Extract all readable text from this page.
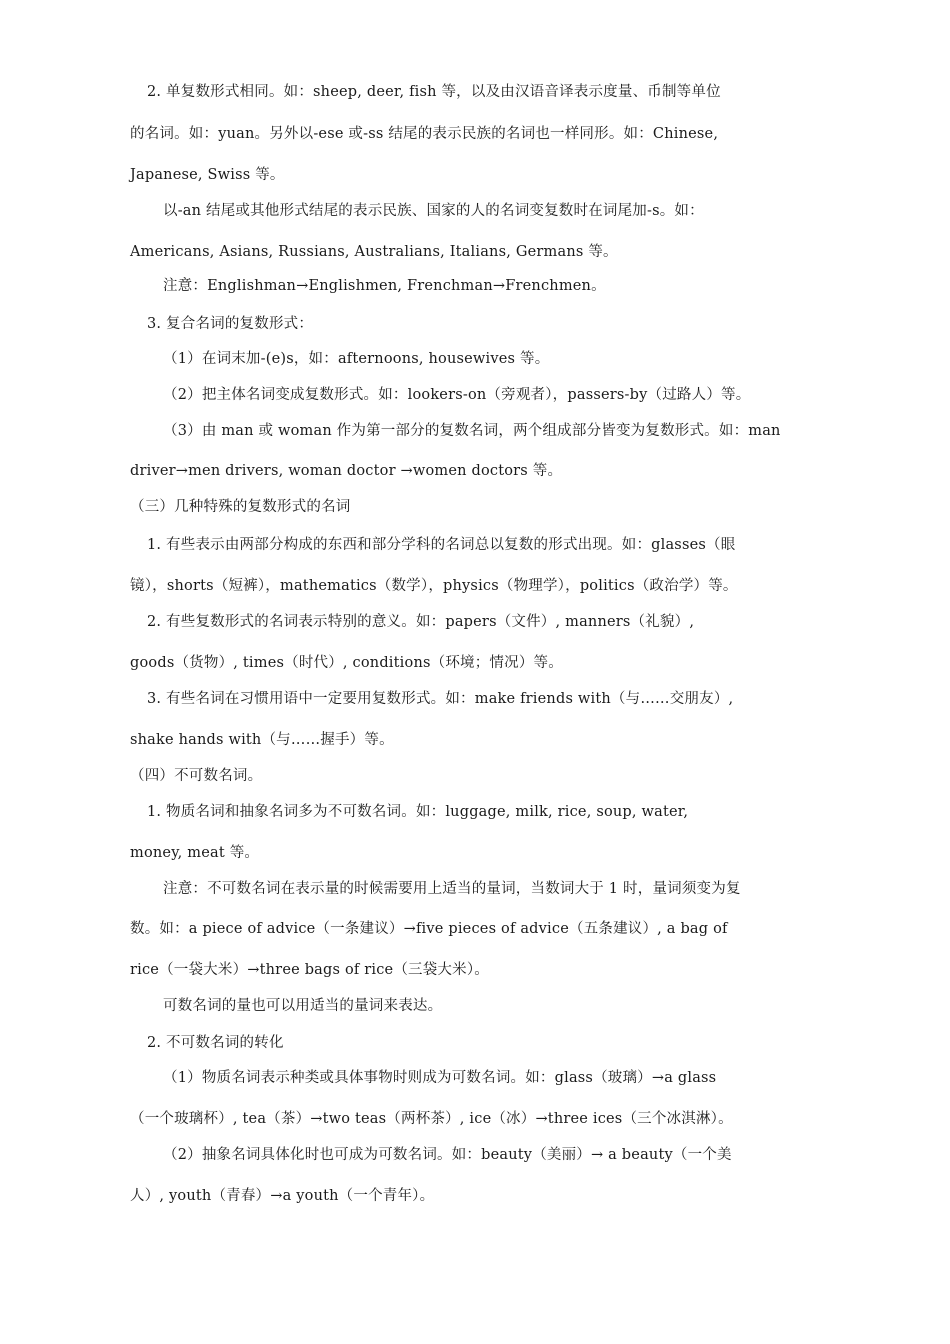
2. 单复数形式相同。如：sheep, deer, fish 等，以及由汉语音译表示度量、币制等单位
的名词。如：yuan。另外以-ese 或-ss 结尾的表示民族的名词也一样同形。如：Chinese,
Japanese, Swiss 等。
以-an 结尾或其他形式结尾的表示民族、国家的人的名词变复数时在词尾加-s。如：
Americans, Asians, Russians, Australians, Italians, Germans 等。
注意：Englishman→Englishmen, Frenchman→Frenchmen。
3. 复合名词的复数形式：
（1）在词末加-(e)s，如：afternoons, housewives 等。
（2）把主体名词变成复数形式。如：lookers-on（旁观者），passers-by（过路人）等。
（3）由 man 或 woman 作为第一部分的复数名词，两个组成部分皆变为复数形式。如：man
driver→men drivers, woman doctor →women doctors 等。
（三）几种特殊的复数形式的名词
1. 有些表示由两部分构成的东西和部分学科的名词总以复数的形式出现。如：glasses（眼
镜），shorts（短裤），mathematics（数学），physics（物理学），politics（政治学）等。
2. 有些复数形式的名词表示特别的意义。如：papers（文件）, manners（礼貌）,
goods（货物）, times（时代）, conditions（环境；情况）等。
3. 有些名词在习惯用语中一定要用复数形式。如：make friends with（与……交朋友）,
shake hands with（与……握手）等。
（四）不可数名词。
1. 物质名词和抽象名词多为不可数名词。如：luggage, milk, rice, soup, water,
money, meat 等。
注意：不可数名词在表示量的时候需要用上适当的量词，当数词大于 1 时，量词须变为复
数。如：a piece of advice（一条建议）→five pieces of advice（五条建议）, a bag of
rice（一袋大米）→three bags of rice（三袋大米）。
可数名词的量也可以用适当的量词来表达。
2. 不可数名词的转化
（1）物质名词表示种类或具体事物时则成为可数名词。如：glass（玻璃）→a glass
（一个玻璃杯）, tea（茶）→two teas（两杯茶）, ice（冰）→three ices（三个冰淇淋）。
（2）抽象名词具体化时也可成为可数名词。如：beauty（美丽）→ a beauty（一个美
人）, youth（青春）→a youth（一个青年）。
